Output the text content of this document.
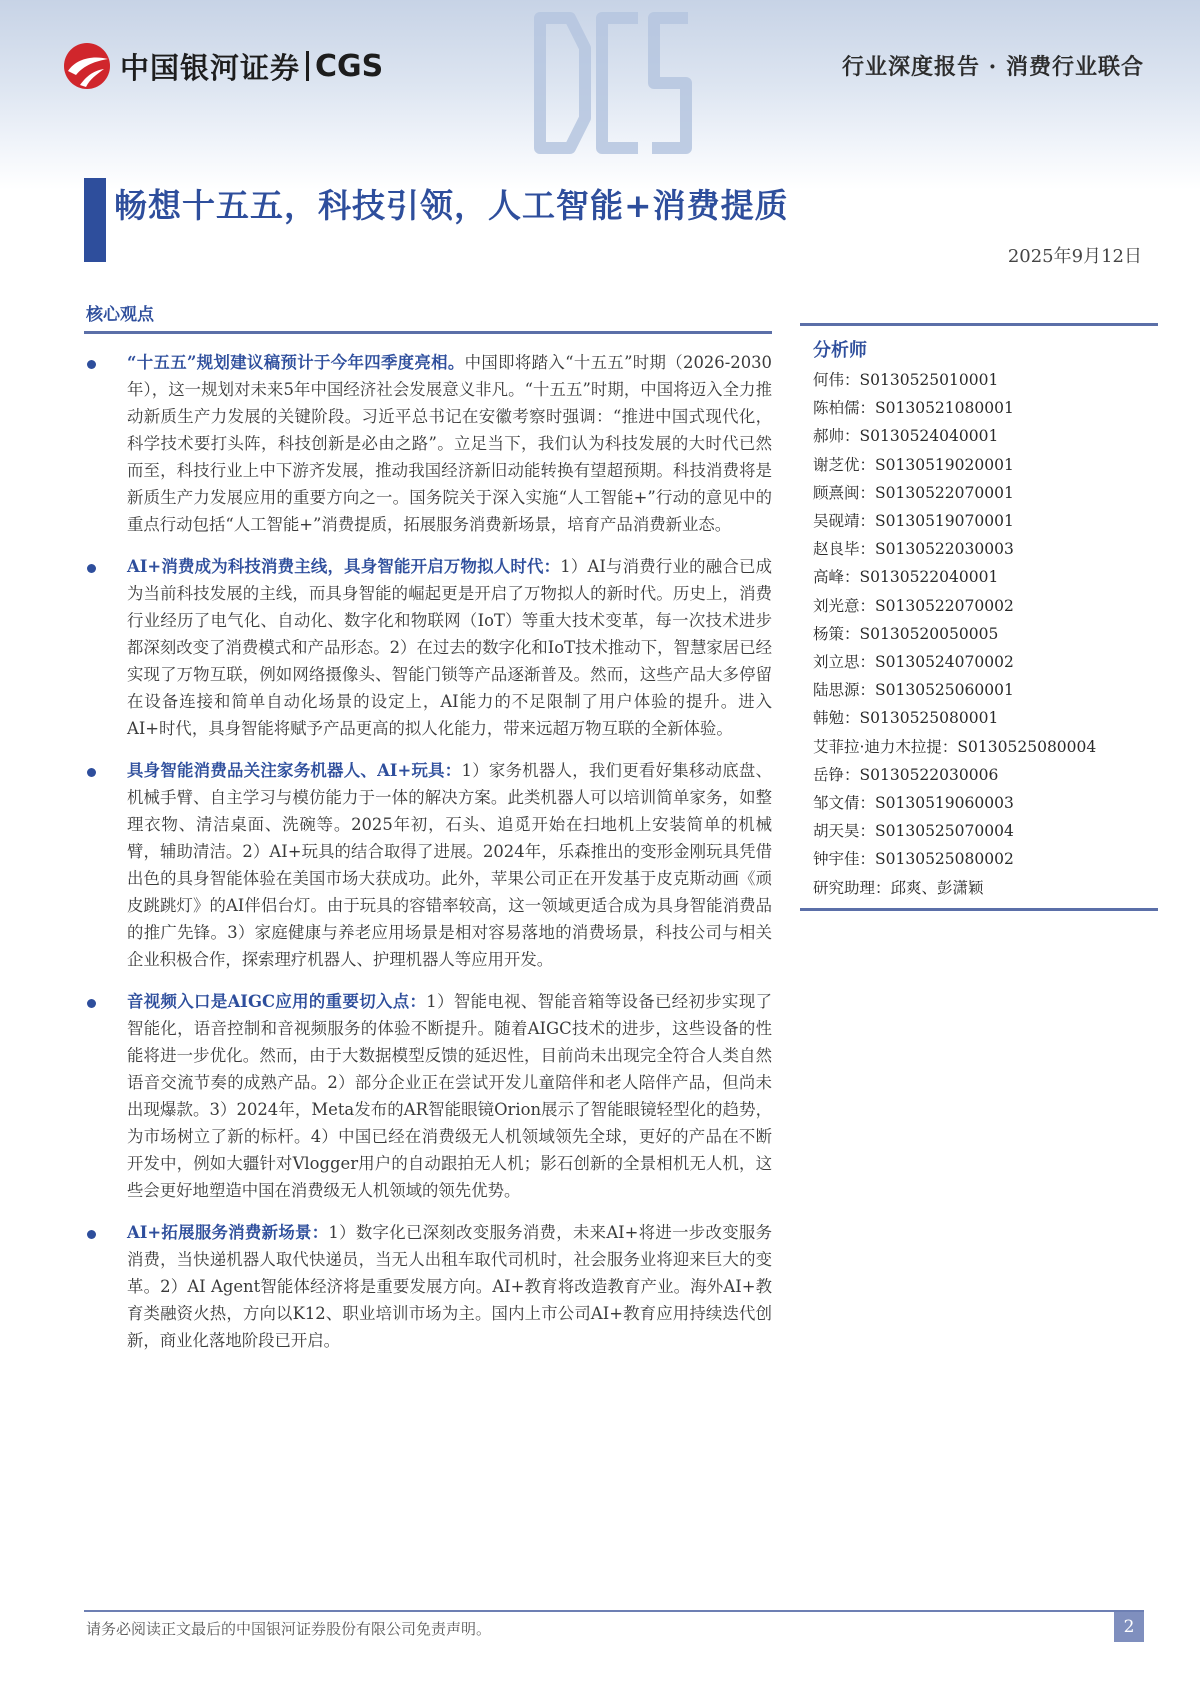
中国银河证券 CGS	行业深度报告 · 消费行业联合
畅想十五五，科技引领，人工智能+消费提质
2025年9月12日
核心观点
“十五五”规划建议稿预计于今年四季度亮相。中国即将踏入“十五五”时期（2026-2030年），这一规划对未来5年中国经济社会发展意义非凡。“十五五”时期，中国将迈入全力推动新质生产力发展的关键阶段。习近平总书记在安徽考察时强调：“推进中国式现代化，科学技术要打头阵，科技创新是必由之路”。立足当下，我们认为科技发展的大时代已然而至，科技行业上中下游齐发展，推动我国经济新旧动能转换有望超预期。科技消费将是新质生产力发展应用的重要方向之一。国务院关于深入实施“人工智能+”行动的意见中的重点行动包括“人工智能+”消费提质，拓展服务消费新场景，培育产品消费新业态。
AI+消费成为科技消费主线，具身智能开启万物拟人时代：1）AI与消费行业的融合已成为当前科技发展的主线，而具身智能的崛起更是开启了万物拟人的新时代。历史上，消费行业经历了电气化、自动化、数字化和物联网（IoT）等重大技术变革，每一次技术进步都深刻改变了消费模式和产品形态。2）在过去的数字化和IoT技术推动下，智慧家居已经实现了万物互联，例如网络摄像头、智能门锁等产品逐渐普及。然而，这些产品大多停留在设备连接和简单自动化场景的设定上，AI能力的不足限制了用户体验的提升。进入AI+时代，具身智能将赋予产品更高的拟人化能力，带来远超万物互联的全新体验。
具身智能消费品关注家务机器人、AI+玩具：1）家务机器人，我们更看好集移动底盘、机械手臂、自主学习与模仿能力于一体的解决方案。此类机器人可以培训简单家务，如整理衣物、清洁桌面、洗碗等。2025年初，石头、追觅开始在扫地机上安装简单的机械臂，辅助清洁。2）AI+玩具的结合取得了进展。2024年，乐森推出的变形金刚玩具凭借出色的具身智能体验在美国市场大获成功。此外，苹果公司正在开发基于皮克斯动画《顽皮跳跳灯》的AI伴侣台灯。由于玩具的容错率较高，这一领域更适合成为具身智能消费品的推广先锋。3）家庭健康与养老应用场景是相对容易落地的消费场景，科技公司与相关企业积极合作，探索理疗机器人、护理机器人等应用开发。
音视频入口是AIGC应用的重要切入点：1）智能电视、智能音箱等设备已经初步实现了智能化，语音控制和音视频服务的体验不断提升。随着AIGC技术的进步，这些设备的性能将进一步优化。然而，由于大数据模型反馈的延迟性，目前尚未出现完全符合人类自然语音交流节奏的成熟产品。2）部分企业正在尝试开发儿童陪伴和老人陪伴产品，但尚未出现爆款。3）2024年，Meta发布的AR智能眼镜Orion展示了智能眼镜轻型化的趋势，为市场树立了新的标杆。4）中国已经在消费级无人机领域领先全球，更好的产品在不断开发中，例如大疆针对Vlogger用户的自动跟拍无人机；影石创新的全景相机无人机，这些会更好地塑造中国在消费级无人机领域的领先优势。
AI+拓展服务消费新场景：1）数字化已深刻改变服务消费，未来AI+将进一步改变服务消费，当快递机器人取代快递员，当无人出租车取代司机时，社会服务业将迎来巨大的变革。2）AI Agent智能体经济将是重要发展方向。AI+教育将改造教育产业。海外AI+教育类融资火热，方向以K12、职业培训市场为主。国内上市公司AI+教育应用持续迭代创新，商业化落地阶段已开启。
分析师
何伟：S0130525010001
陈柏儒：S0130521080001
郝帅：S0130524040001
谢芝优：S0130519020001
顾熹闽：S0130522070001
吴砚靖：S0130519070001
赵良毕：S0130522030003
高峰：S0130522040001
刘光意：S0130522070002
杨策：S0130520050005
刘立思：S0130524070002
陆思源：S0130525060001
韩勉：S0130525080001
艾菲拉·迪力木拉提：S0130525080004
岳铮：S0130522030006
邹文倩：S0130519060003
胡天昊：S0130525070004
钟宇佳：S0130525080002
研究助理：邱爽、彭潇颖
请务必阅读正文最后的中国银河证券股份有限公司免责声明。	2
